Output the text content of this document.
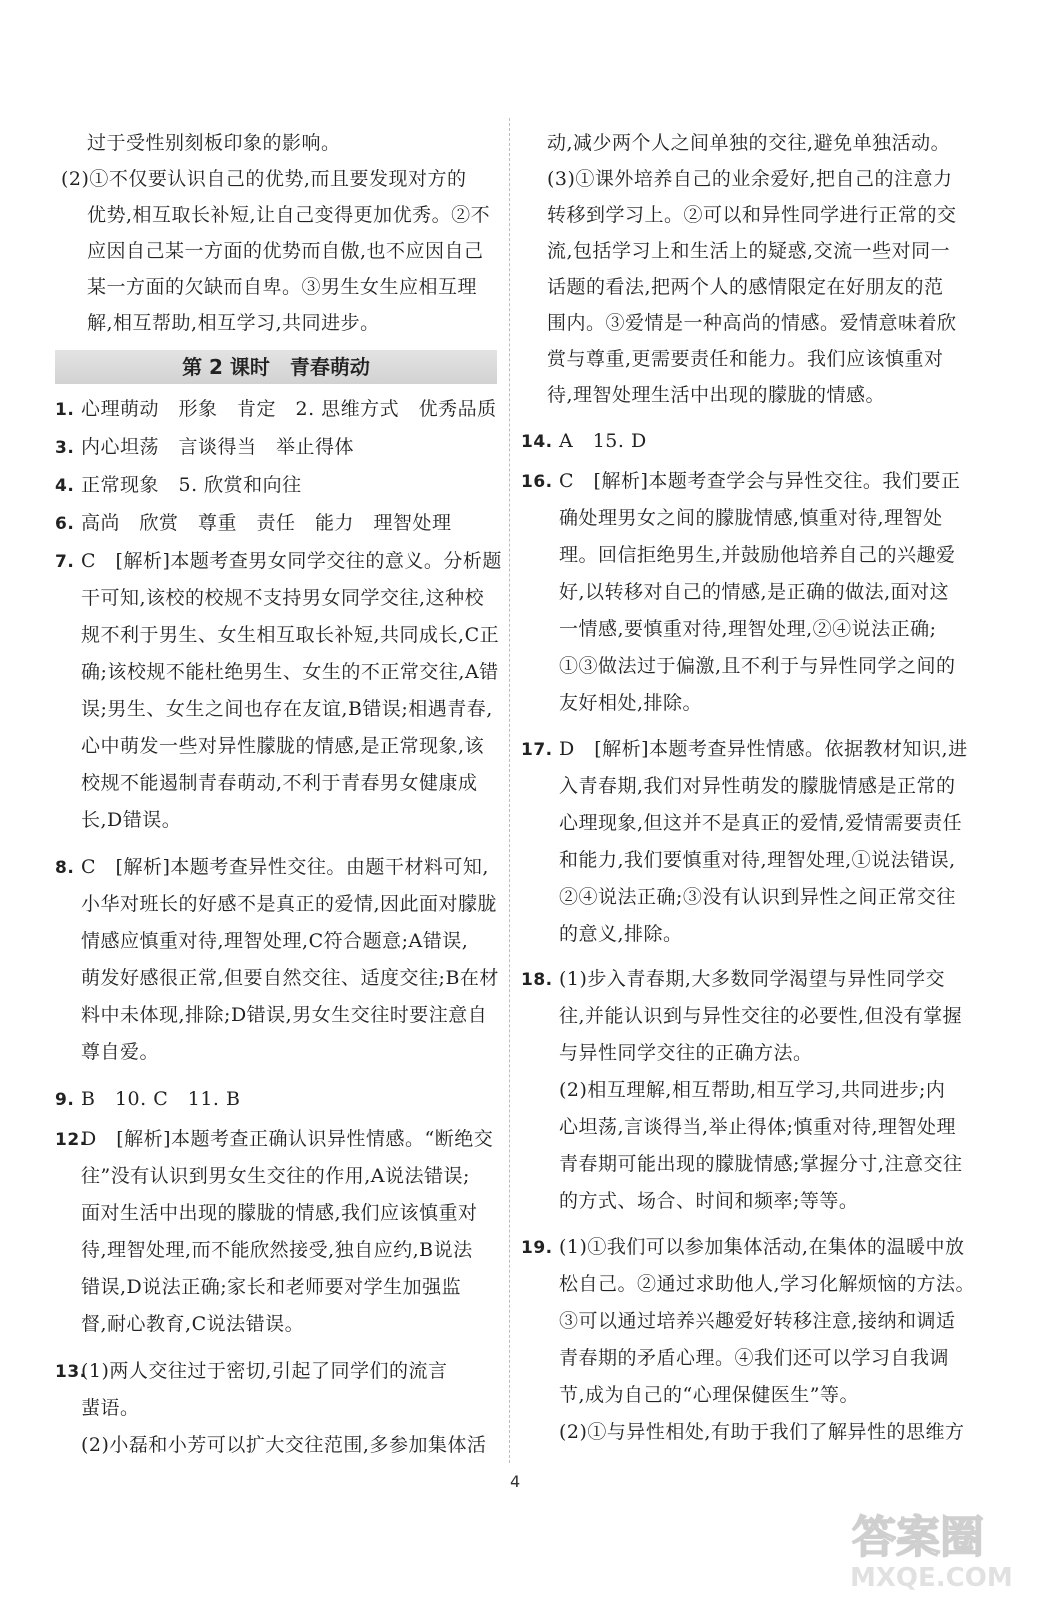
过于受性别刻板印象的影响。
(2)①不仅要认识自己的优势,而且要发现对方的
优势,相互取长补短,让自己变得更加优秀。②不
应因自己某一方面的优势而自傲,也不应因自己
某一方面的欠缺而自卑。③男生女生应相互理
解,相互帮助,相互学习,共同进步。
第 2 课时　青春萌动
1. 心理萌动　形象　肯定　2. 思维方式　优秀品质
3. 内心坦荡　言谈得当　举止得体
4. 正常现象　5. 欣赏和向往
6. 高尚　欣赏　尊重　责任　能力　理智处理
7. C　[解析]本题考查男女同学交往的意义。分析题
干可知,该校的校规不支持男女同学交往,这种校
规不利于男生、女生相互取长补短,共同成长,C正
确;该校规不能杜绝男生、女生的不正常交往,A错
误;男生、女生之间也存在友谊,B错误;相遇青春,
心中萌发一些对异性朦胧的情感,是正常现象,该
校规不能遏制青春萌动,不利于青春男女健康成
长,D错误。
8. C　[解析]本题考查异性交往。由题干材料可知,
小华对班长的好感不是真正的爱情,因此面对朦胧
情感应慎重对待,理智处理,C符合题意;A错误,
萌发好感很正常,但要自然交往、适度交往;B在材
料中未体现,排除;D错误,男女生交往时要注意自
尊自爱。
9. B　10. C　11. B
12.D　[解析]本题考查正确认识异性情感。“断绝交
往”没有认识到男女生交往的作用,A说法错误;
面对生活中出现的朦胧的情感,我们应该慎重对
待,理智处理,而不能欣然接受,独自应约,B说法
错误,D说法正确;家长和老师要对学生加强监
督,耐心教育,C说法错误。
13.(1)两人交往过于密切,引起了同学们的流言
蜚语。
(2)小磊和小芳可以扩大交往范围,多参加集体活
动,减少两个人之间单独的交往,避免单独活动。
(3)①课外培养自己的业余爱好,把自己的注意力
转移到学习上。②可以和异性同学进行正常的交
流,包括学习上和生活上的疑惑,交流一些对同一
话题的看法,把两个人的感情限定在好朋友的范
围内。③爱情是一种高尚的情感。爱情意味着欣
赏与尊重,更需要责任和能力。我们应该慎重对
待,理智处理生活中出现的朦胧的情感。
14. A　15. D
16. C　[解析]本题考查学会与异性交往。我们要正
确处理男女之间的朦胧情感,慎重对待,理智处
理。回信拒绝男生,并鼓励他培养自己的兴趣爱
好,以转移对自己的情感,是正确的做法,面对这
一情感,要慎重对待,理智处理,②④说法正确;
①③做法过于偏激,且不利于与异性同学之间的
友好相处,排除。
17. D　[解析]本题考查异性情感。依据教材知识,进
入青春期,我们对异性萌发的朦胧情感是正常的
心理现象,但这并不是真正的爱情,爱情需要责任
和能力,我们要慎重对待,理智处理,①说法错误,
②④说法正确;③没有认识到异性之间正常交往
的意义,排除。
18. (1)步入青春期,大多数同学渴望与异性同学交
往,并能认识到与异性交往的必要性,但没有掌握
与异性同学交往的正确方法。
(2)相互理解,相互帮助,相互学习,共同进步;内
心坦荡,言谈得当,举止得体;慎重对待,理智处理
青春期可能出现的朦胧情感;掌握分寸,注意交往
的方式、场合、时间和频率;等等。
19. (1)①我们可以参加集体活动,在集体的温暖中放
松自己。②通过求助他人,学习化解烦恼的方法。
③可以通过培养兴趣爱好转移注意,接纳和调适
青春期的矛盾心理。④我们还可以学习自我调
节,成为自己的“心理保健医生”等。
(2)①与异性相处,有助于我们了解异性的思维方
4
答案圈
MXQE.COM
